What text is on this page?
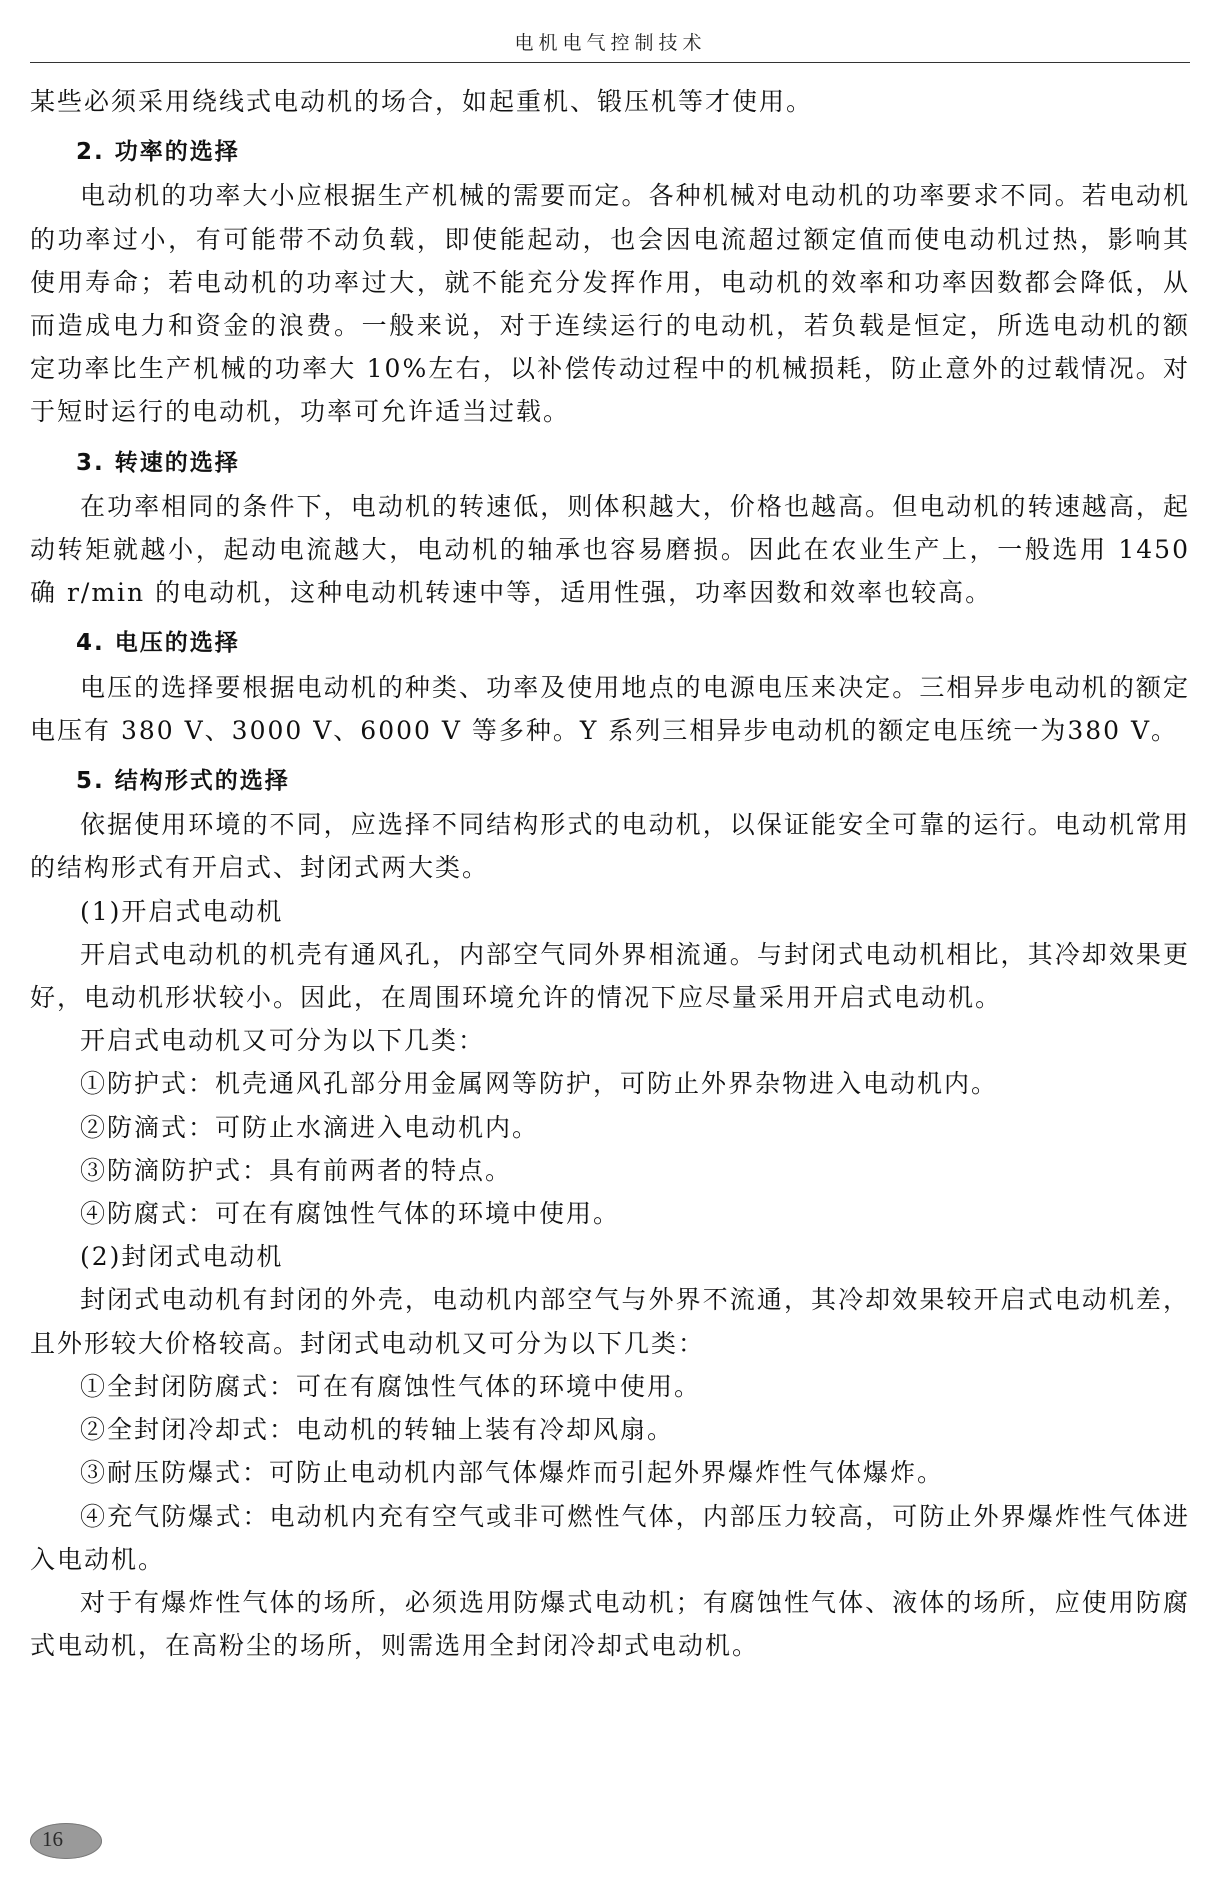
电机电气控制技术

某些必须采用绕线式电动机的场合，如起重机、锻压机等才使用。

2. 功率的选择

电动机的功率大小应根据生产机械的需要而定。各种机械对电动机的功率要求不同。若电动机的功率过小，有可能带不动负载，即使能起动，也会因电流超过额定值而使电动机过热，影响其使用寿命；若电动机的功率过大，就不能充分发挥作用，电动机的效率和功率因数都会降低，从而造成电力和资金的浪费。一般来说，对于连续运行的电动机，若负载是恒定，所选电动机的额定功率比生产机械的功率大 10%左右，以补偿传动过程中的机械损耗，防止意外的过载情况。对于短时运行的电动机，功率可允许适当过载。

3. 转速的选择

在功率相同的条件下，电动机的转速低，则体积越大，价格也越高。但电动机的转速越高，起动转矩就越小，起动电流越大，电动机的轴承也容易磨损。因此在农业生产上，一般选用 1450 确 r/min 的电动机，这种电动机转速中等，适用性强，功率因数和效率也较高。

4. 电压的选择

电压的选择要根据电动机的种类、功率及使用地点的电源电压来决定。三相异步电动机的额定电压有 380 V、3000 V、6000 V 等多种。Y 系列三相异步电动机的额定电压统一为380 V。

5. 结构形式的选择

依据使用环境的不同，应选择不同结构形式的电动机，以保证能安全可靠的运行。电动机常用的结构形式有开启式、封闭式两大类。

(1)开启式电动机

开启式电动机的机壳有通风孔，内部空气同外界相流通。与封闭式电动机相比，其冷却效果更好，电动机形状较小。因此，在周围环境允许的情况下应尽量采用开启式电动机。

开启式电动机又可分为以下几类：

①防护式：机壳通风孔部分用金属网等防护，可防止外界杂物进入电动机内。

②防滴式：可防止水滴进入电动机内。

③防滴防护式：具有前两者的特点。

④防腐式：可在有腐蚀性气体的环境中使用。

(2)封闭式电动机

封闭式电动机有封闭的外壳，电动机内部空气与外界不流通，其冷却效果较开启式电动机差，且外形较大价格较高。封闭式电动机又可分为以下几类：

①全封闭防腐式：可在有腐蚀性气体的环境中使用。

②全封闭冷却式：电动机的转轴上装有冷却风扇。

③耐压防爆式：可防止电动机内部气体爆炸而引起外界爆炸性气体爆炸。

④充气防爆式：电动机内充有空气或非可燃性气体，内部压力较高，可防止外界爆炸性气体进入电动机。

对于有爆炸性气体的场所，必须选用防爆式电动机；有腐蚀性气体、液体的场所，应使用防腐式电动机，在高粉尘的场所，则需选用全封闭冷却式电动机。

16
